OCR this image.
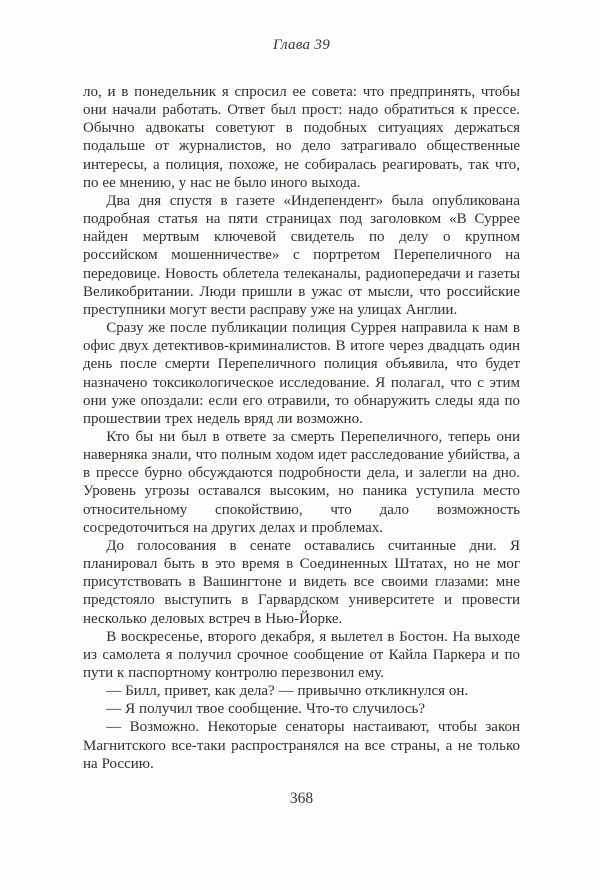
Глава 39

ло, и в понедельник я спросил ее совета: что предпринять, чтобы они начали работать. Ответ был прост: надо обратиться к прессе. Обычно адвокаты советуют в подобных ситуациях держаться подальше от журналистов, но дело затрагивало общественные интересы, а полиция, похоже, не собиралась реагировать, так что, по ее мнению, у нас не было иного выхода.

Два дня спустя в газете «Индепендент» была опубликована подробная статья на пяти страницах под заголовком «В Суррее найден мертвым ключевой свидетель по делу о крупном российском мошенничестве» с портретом Перепеличного на передовице. Новость облетела телеканалы, радиопередачи и газеты Великобритании. Люди пришли в ужас от мысли, что российские преступники могут вести расправу уже на улицах Англии.

Сразу же после публикации полиция Суррея направила к нам в офис двух детективов-криминалистов. В итоге через двадцать один день после смерти Перепеличного полиция объявила, что будет назначено токсикологическое исследование. Я полагал, что с этим они уже опоздали: если его отравили, то обнаружить следы яда по прошествии трех недель вряд ли возможно.

Кто бы ни был в ответе за смерть Перепеличного, теперь они наверняка знали, что полным ходом идет расследование убийства, а в прессе бурно обсуждаются подробности дела, и залегли на дно. Уровень угрозы оставался высоким, но паника уступила место относительному спокойствию, что дало возможность сосредоточиться на других делах и проблемах.

До голосования в сенате оставались считанные дни. Я планировал быть в это время в Соединенных Штатах, но не мог присутствовать в Вашингтоне и видеть все своими глазами: мне предстояло выступить в Гарвардском университете и провести несколько деловых встреч в Нью-Йорке.

В воскресенье, второго декабря, я вылетел в Бостон. На выходе из самолета я получил срочное сообщение от Кайла Паркера и по пути к паспортному контролю перезвонил ему.

— Билл, привет, как дела? — привычно откликнулся он.

— Я получил твое сообщение. Что-то случилось?

— Возможно. Некоторые сенаторы настаивают, чтобы закон Магнитского все-таки распространялся на все страны, а не только на Россию.

368
